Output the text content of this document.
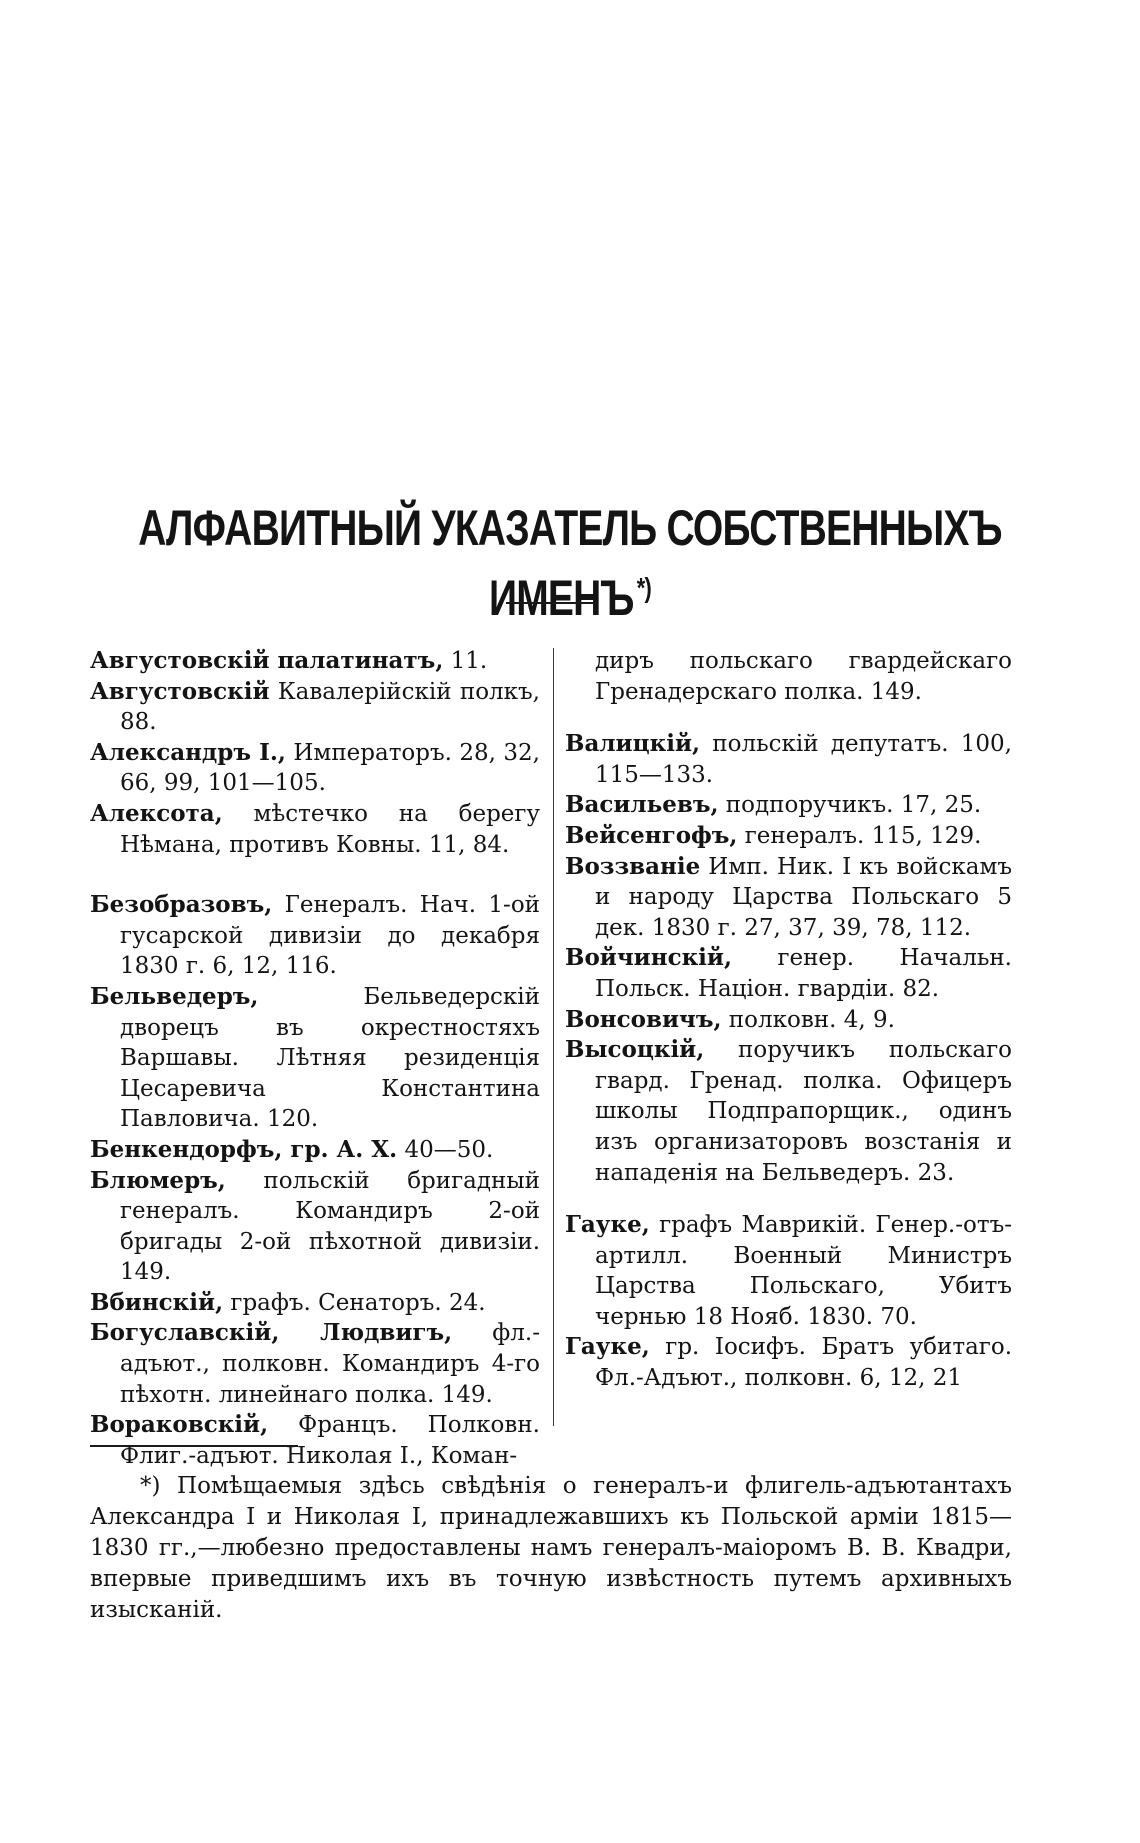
АЛФАВИТНЫЙ УКАЗАТЕЛЬ СОБСТВЕННЫХЪ ИМЕНЪ *)

Августовскій палатинатъ, 11.

Августовскій Кавалерійскій полкъ, 88.

Александръ I., Императоръ. 28, 32, 66, 99, 101—105.

Алексота, мѣстечко на берегу Нѣмана, противъ Ковны. 11, 84.

Безобразовъ, Генералъ. Нач. 1-ой гусарской дивизіи до декабря 1830 г. 6, 12, 116.

Бельведеръ, Бельведерскій дворецъ въ окрестностяхъ Варшавы. Лѣтняя резиденція Цесаревича Константина Павловича. 120.

Бенкендорфъ, гр. А. Х. 40—50.

Блюмеръ, польскій бригадный генералъ. Командиръ 2-ой бригады 2-ой пѣхотной дивизіи. 149.

Вбинскій, графъ. Сенаторъ. 24.

Богуславскій, Людвигъ, фл.-адъют., полковн. Командиръ 4-го пѣхотн. линейнаго полка. 149.

Вораковскій, Францъ. Полковн. Флиг.-адъют. Николая I., Коман-

диръ польскаго гвардейскаго Гренадерскаго полка. 149.

Валицкій, польскій депутатъ. 100, 115—133.

Васильевъ, подпоручикъ. 17, 25.

Вейсенгофъ, генералъ. 115, 129.

Воззваніе Имп. Ник. I къ войскамъ и народу Царства Польскаго 5 дек. 1830 г. 27, 37, 39, 78, 112.

Войчинскій, генер. Начальн. Польск. Націон. гвардіи. 82.

Вонсовичъ, полковн. 4, 9.

Высоцкій, поручикъ польскаго гвард. Гренад. полка. Офицеръ школы Подпрапорщик., одинъ изъ организаторовъ возстанія и нападенія на Бельведеръ. 23.

Гауке, графъ Маврикій. Генер.-отъ-артилл. Военный Министръ Царства Польскаго, Убитъ чернью 18 Нояб. 1830. 70.

Гауке, гр. Іосифъ. Братъ убитаго. Фл.-Адъют., полковн. 6, 12, 21

*) Помѣщаемыя здѣсь свѣдѣнія о генералъ-и флигель-адъютантахъ Александра I и Николая I, принадлежавшихъ къ Польской арміи 1815—1830 гг.,—любезно предоставлены намъ генералъ-маіоромъ В. В. Квадри, впервые приведшимъ ихъ въ точную извѣстность путемъ архивныхъ изысканій.
